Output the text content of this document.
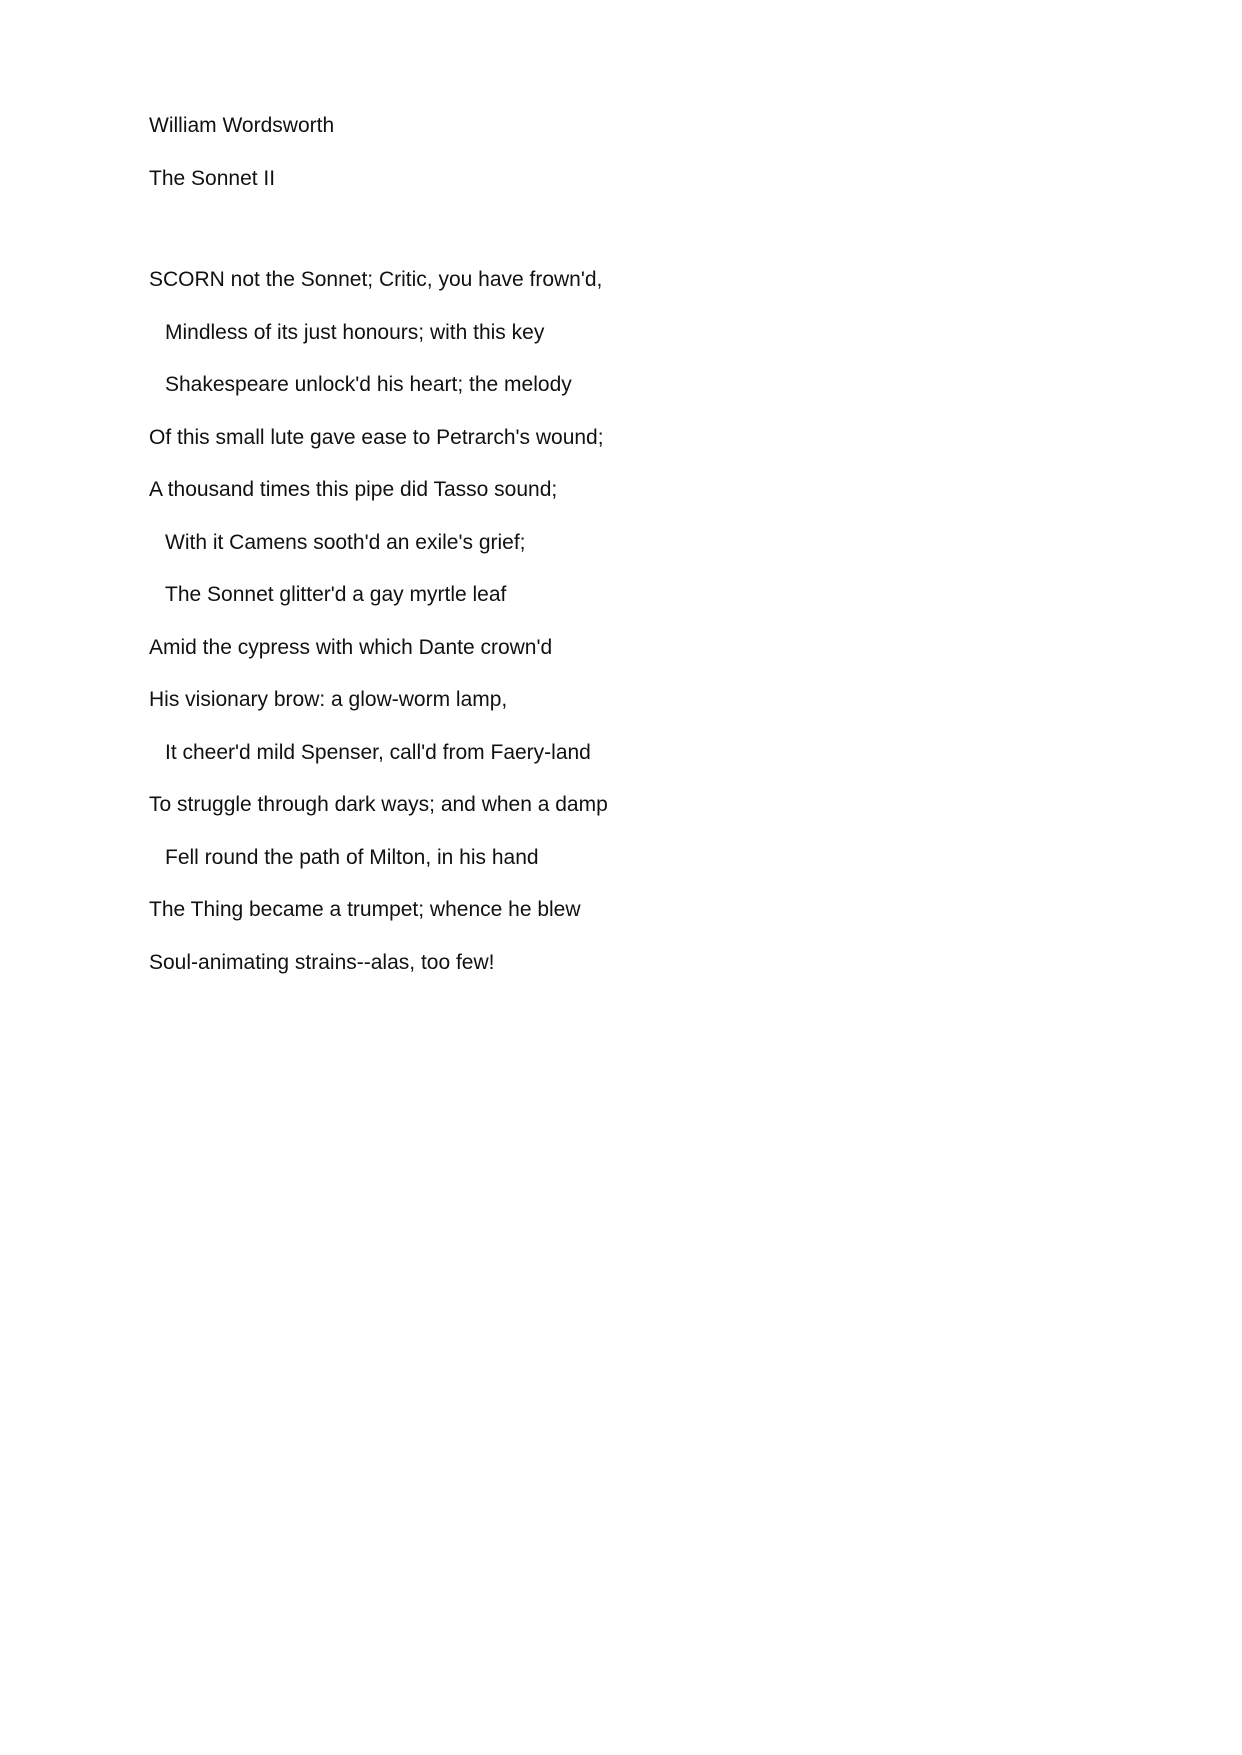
William Wordsworth
The Sonnet II
SCORN not the Sonnet; Critic, you have frown'd,
Mindless of its just honours; with this key
Shakespeare unlock'd his heart; the melody
Of this small lute gave ease to Petrarch's wound;
A thousand times this pipe did Tasso sound;
With it Camens sooth'd an exile's grief;
The Sonnet glitter'd a gay myrtle leaf
Amid the cypress with which Dante crown'd
His visionary brow: a glow-worm lamp,
It cheer'd mild Spenser, call'd from Faery-land
To struggle through dark ways; and when a damp
Fell round the path of Milton, in his hand
The Thing became a trumpet; whence he blew
Soul-animating strains--alas, too few!
